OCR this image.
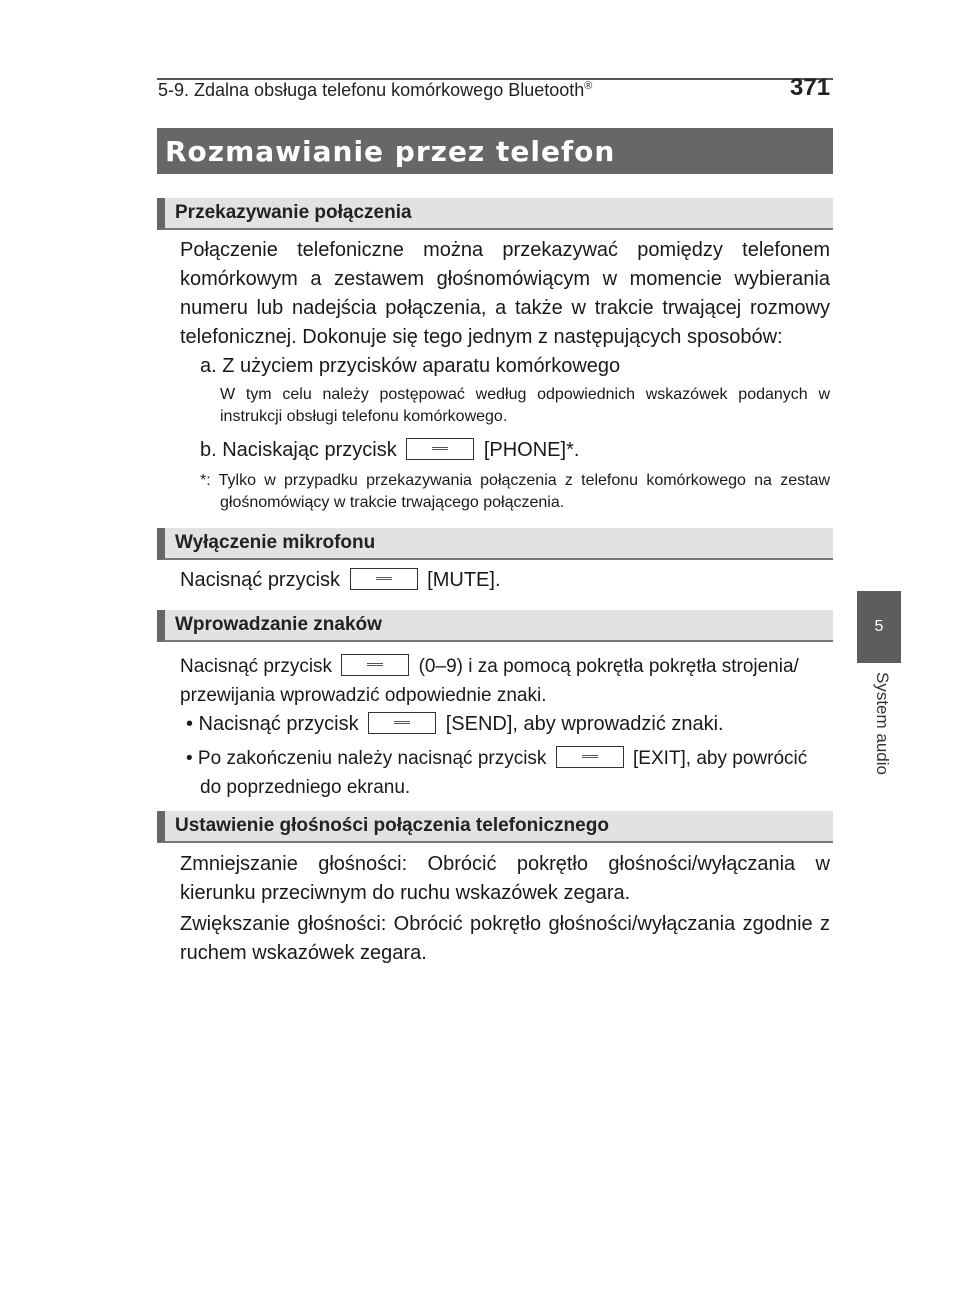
5-9. Zdalna obsługa telefonu komórkowego Bluetooth®	371
5
System audio
Rozmawianie przez telefon
Przekazywanie połączenia
Połączenie telefoniczne można przekazywać pomiędzy telefonem komórkowym a zestawem głośnomówiącym w momencie wybierania numeru lub nadejścia połączenia, a także w trakcie trwającej rozmowy telefonicznej. Dokonuje się tego jednym z następujących sposobów:
a. Z użyciem przycisków aparatu komórkowego
W tym celu należy postępować według odpowiednich wskazówek podanych w instrukcji obsługi telefonu komórkowego.
b. Naciskając przycisk	[PHONE]*.
*: Tylko w przypadku przekazywania połączenia z telefonu komórkowego na zestaw głośnomówiący w trakcie trwającego połączenia.
Wyłączenie mikrofonu
Nacisnąć przycisk	[MUTE].
Wprowadzanie znaków
Nacisnąć przycisk	(0–9) i za pomocą pokrętła pokrętła strojenia/ przewijania wprowadzić odpowiednie znaki.
• Nacisnąć przycisk	[SEND], aby wprowadzić znaki.
• Po zakończeniu należy nacisnąć przycisk	[EXIT], aby powrócić do poprzedniego ekranu.
Ustawienie głośności połączenia telefonicznego
Zmniejszanie głośności: Obrócić pokrętło głośności/wyłączania w kierunku przeciwnym do ruchu wskazówek zegara.
Zwiększanie głośności: Obrócić pokrętło głośności/wyłączania zgodnie z ruchem wskazówek zegara.
